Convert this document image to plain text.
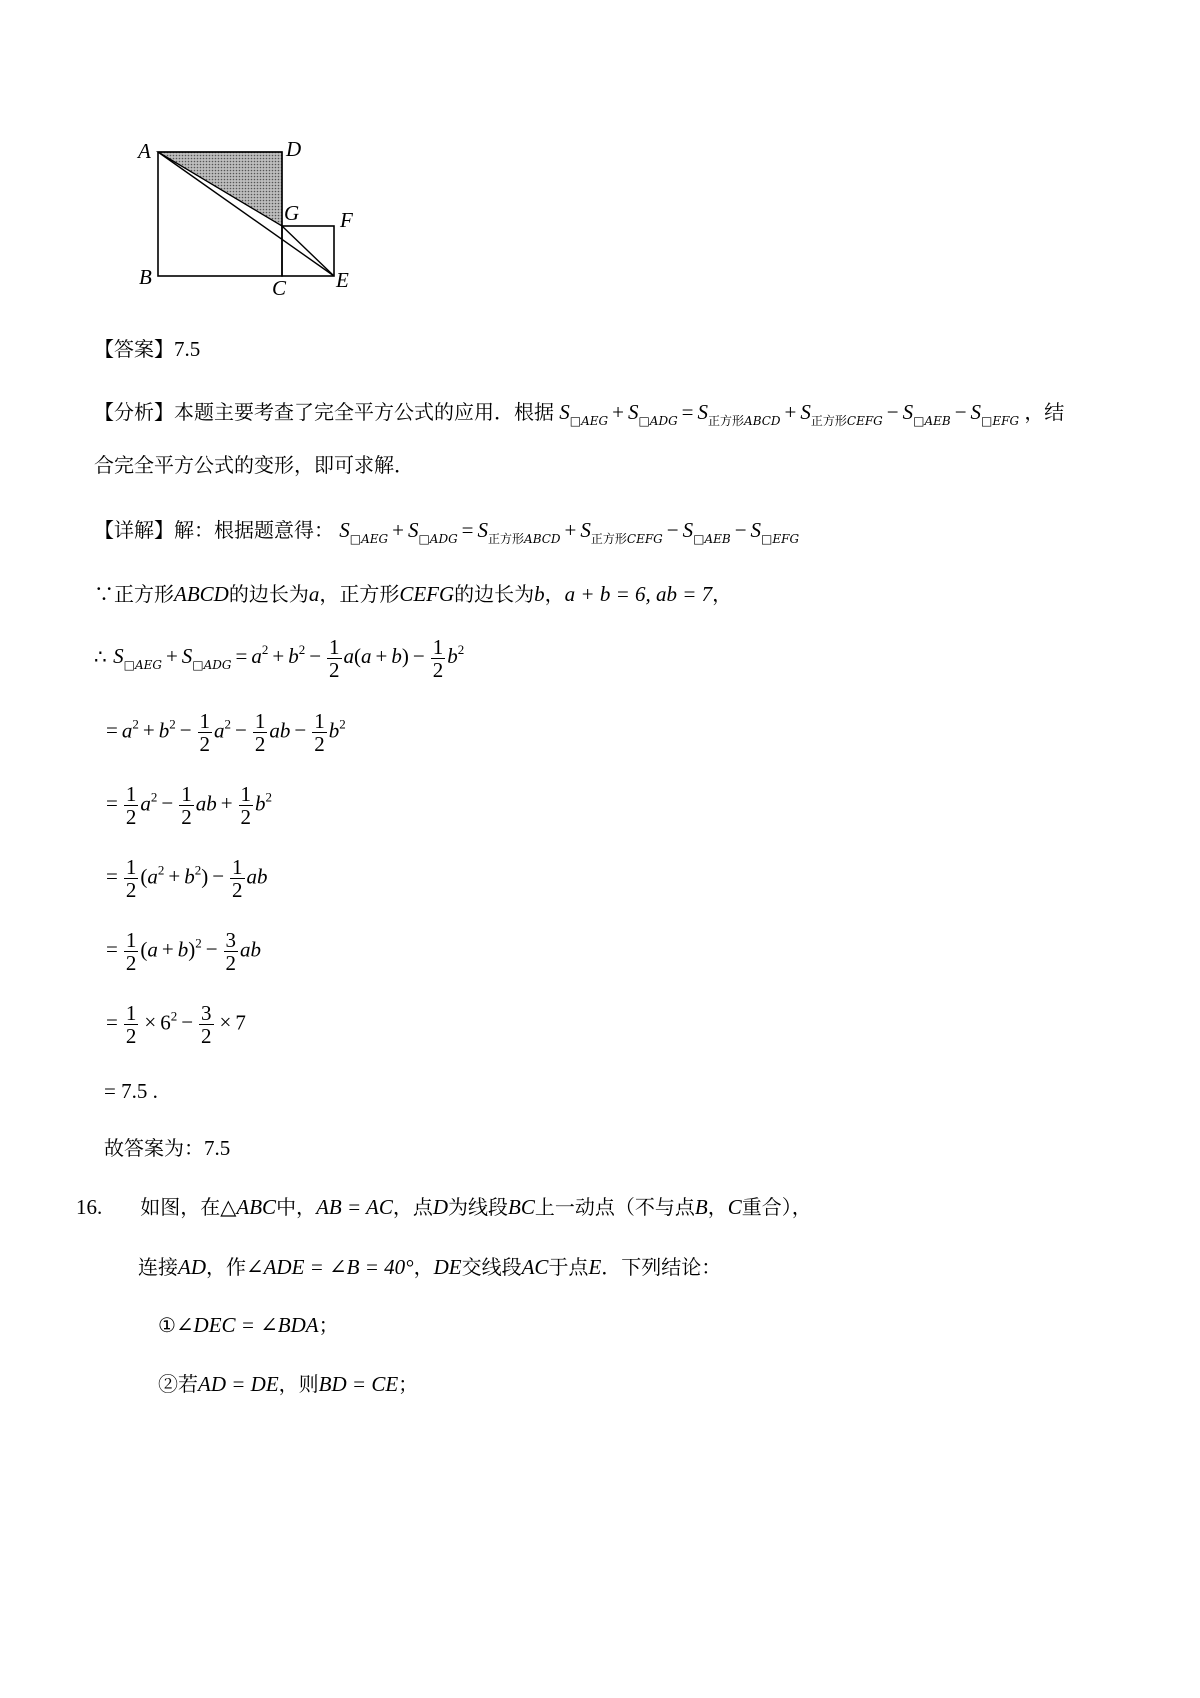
A	D
G F
B	C E
【答案】7.5
【分析】本题主要考查了完全平方公式的应用．根据 $S_{□AEG} + S_{□ADG} = S_{正方形ABCD} + S_{正方形CEFG} - S_{□AEB} - S_{□EFG}$ ，结
合完全平方公式的变形，即可求解．
【详解】解：根据题意得： $S_{□AEG} + S_{□ADG} = S_{正方形ABCD} + S_{正方形CEFG} - S_{□AEB} - S_{□EFG}$
∵正方形ABCD的边长为a，正方形CEFG的边长为b，a + b = 6, ab = 7，
∴ $S_{□AEG} + S_{□ADG} = a^2 + b^2 - \frac{1}{2} a(a + b) - \frac{1}{2} b^2$
= $a^2 + b^2 - \frac{1}{2} a^2 - \frac{1}{2}$ ab − $\frac{1}{2} b^2$
= $\frac{1}{2} a^2 - \frac{1}{2}$ ab + $\frac{1}{2} b^2$
= $\frac{1}{2} (a^2 + b^2) - \frac{1}{2}$ ab
= $\frac{1}{2} (a + b)^2 - \frac{3}{2}$ ab
= $\frac{1}{2} \times 6^2 - \frac{3}{2} \times 7$
= 7.5 .
故答案为：7.5
16. 如图，在△ABC中，AB = AC，点D为线段BC上一动点（不与点B，C重合），
连接AD，作∠ADE = ∠B = 40°，DE交线段AC于点E．下列结论：
①∠DEC = ∠BDA；
②若AD = DE，则BD = CE；
